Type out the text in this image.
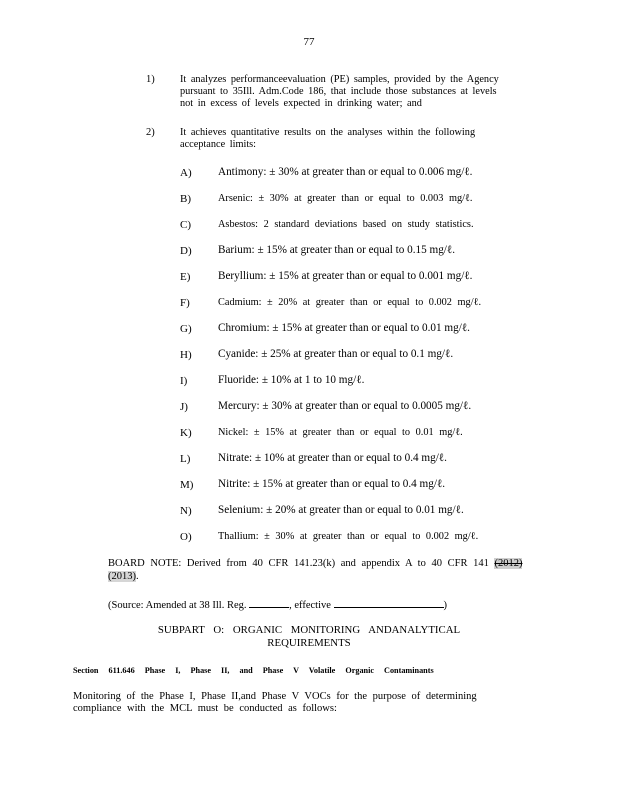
77
1) It analyzes performanceevaluation (PE) samples, provided by the Agency
pursuant to 35Ill. Adm.Code 186, that include those substances at levels
not in excess of levels expected in drinking water; and
2) It achieves quantitative results on the analyses within the following
acceptance limits:
A) Antimony: ± 30% at greater than or equal to 0.006 mg/ℓ.
B)	Arsenic: ± 30% at greater than or equal to 0.003 mg/ℓ.
C)	Asbestos: 2 standard deviations based on study statistics.
D) Barium: ± 15% at greater than or equal to 0.15 mg/ℓ.
E) Beryllium: ± 15% at greater than or equal to 0.001 mg/ℓ.
F)	Cadmium: ± 20% at greater than or equal to 0.002 mg/ℓ.
G) Chromium: ± 15% at greater than or equal to 0.01 mg/ℓ.
H) Cyanide: ± 25% at greater than or equal to 0.1 mg/ℓ.
I)	Fluoride: ± 10% at 1 to 10 mg/ℓ.
J)	Mercury: ± 30% at greater than or equal to 0.0005 mg/ℓ.
K)	Nickel: ± 15% at greater than or equal to 0.01 mg/ℓ.
L) Nitrate: ± 10% at greater than or equal to 0.4 mg/ℓ.
M) Nitrite: ± 15% at greater than or equal to 0.4 mg/ℓ.
N) Selenium: ± 20% at greater than or equal to 0.01 mg/ℓ.
O)	Thallium: ± 30% at greater than or equal to 0.002 mg/ℓ.
BOARD NOTE: Derived from 40 CFR 141.23(k) and appendix A to 40 CFR 141 (2012) (2013).
(Source: Amended at 38 Ill. Reg.	, effective	)
SUBPART O: ORGANIC MONITORING ANDANALYTICAL
REQUIREMENTS
Section 611.646 Phase I, Phase II, and Phase V Volatile Organic Contaminants
Monitoring of the Phase I, Phase II,and Phase V VOCs for the purpose of determining
compliance with the MCL must be conducted as follows:
